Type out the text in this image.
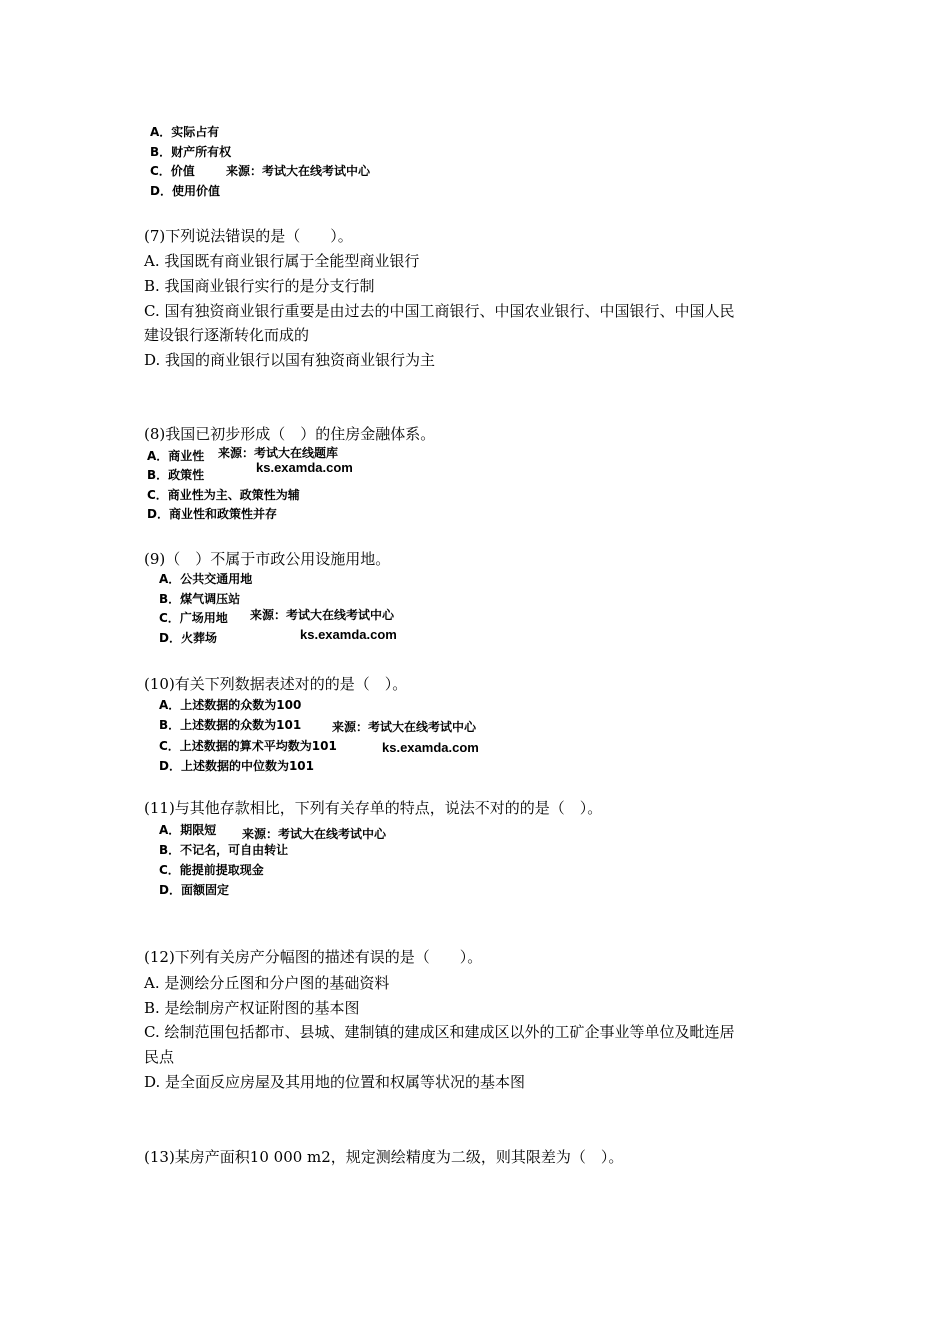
A．实际占有
B．财产所有权
C．价值	来源：考试大在线考试中心
D．使用价值
(7)下列说法错误的是（　　）。
A. 我国既有商业银行属于全能型商业银行
B. 我国商业银行实行的是分支行制
C. 国有独资商业银行重要是由过去的中国工商银行、中国农业银行、中国银行、中国人民
建设银行逐渐转化而成的
D. 我国的商业银行以国有独资商业银行为主
(8)我国已初步形成（　）的住房金融体系。
A．商业性 来源：考试大在线题库
ks.examda.com
B．政策性
C．商业性为主、政策性为辅
D．商业性和政策性并存
(9)（　）不属于市政公用设施用地。
A．公共交通用地
B．煤气调压站
C．广场用地 来源：考试大在线考试中心
ks.examda.com
D．火葬场
(10)有关下列数据表述对的的是（　）。
A．上述数据的众数为100
B．上述数据的众数为101	来源：考试大在线考试中心
C．上述数据的算术平均数为101	ks.examda.com
D．上述数据的中位数为101
(11)与其他存款相比，下列有关存单的特点，说法不对的的是（　）。
A．期限短 来源：考试大在线考试中心
B．不记名，可自由转让
C．能提前提取现金
D．面额固定
(12)下列有关房产分幅图的描述有误的是（　　）。
A. 是测绘分丘图和分户图的基础资料
B. 是绘制房产权证附图的基本图
C. 绘制范围包括都市、县城、建制镇的建成区和建成区以外的工矿企事业等单位及毗连居
民点
D. 是全面反应房屋及其用地的位置和权属等状况的基本图
(13)某房产面积10 000 m2，规定测绘精度为二级，则其限差为（　）。
